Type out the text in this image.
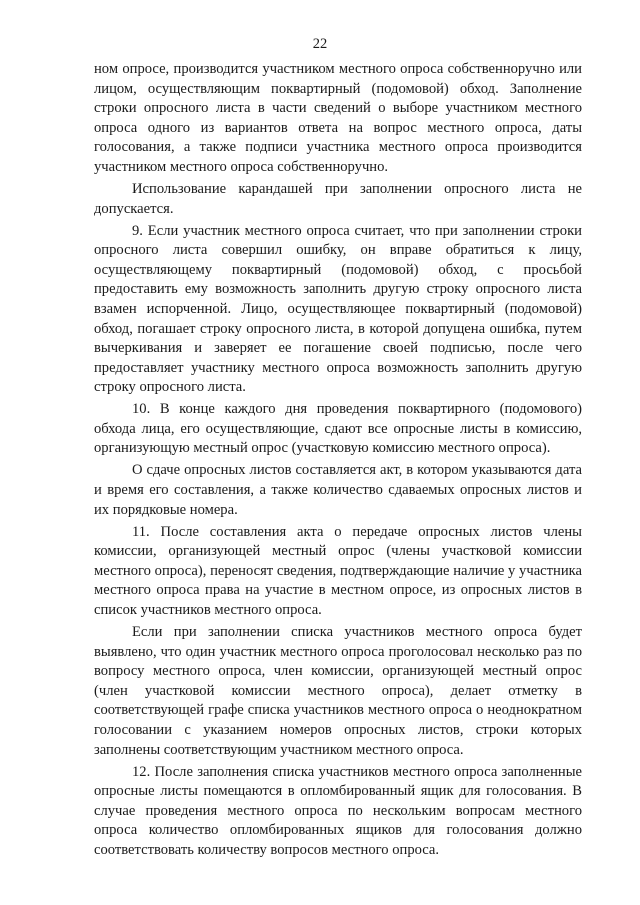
22

ном опросе, производится участником местного опроса собственноручно или лицом, осуществляющим поквартирный (подомовой) обход. Заполнение строки опросного листа в части сведений о выборе участником местного опроса одного из вариантов ответа на вопрос местного опроса, даты голосования, а также подписи участника местного опроса производится участником местного опроса собственноручно.

Использование карандашей при заполнении опросного листа не допускается.

9. Если участник местного опроса считает, что при заполнении строки опросного листа совершил ошибку, он вправе обратиться к лицу, осуществляющему поквартирный (подомовой) обход, с просьбой предоставить ему возможность заполнить другую строку опросного листа взамен испорченной. Лицо, осуществляющее поквартирный (подомовой) обход, погашает строку опросного листа, в которой допущена ошибка, путем вычеркивания и заверяет ее погашение своей подписью, после чего предоставляет участнику местного опроса возможность заполнить другую строку опросного листа.

10. В конце каждого дня проведения поквартирного (подомового) обхода лица, его осуществляющие, сдают все опросные листы в комиссию, организующую местный опрос (участковую комиссию местного опроса).

О сдаче опросных листов составляется акт, в котором указываются дата и время его составления, а также количество сдаваемых опросных листов и их порядковые номера.

11. После составления акта о передаче опросных листов члены комиссии, организующей местный опрос (члены участковой комиссии местного опроса), переносят сведения, подтверждающие наличие у участника местного опроса права на участие в местном опросе, из опросных листов в список участников местного опроса.

Если при заполнении списка участников местного опроса будет выявлено, что один участник местного опроса проголосовал несколько раз по вопросу местного опроса, член комиссии, организующей местный опрос (член участковой комиссии местного опроса), делает отметку в соответствующей графе списка участников местного опроса о неоднократном голосовании с указанием номеров опросных листов, строки которых заполнены соответствующим участником местного опроса.

12. После заполнения списка участников местного опроса заполненные опросные листы помещаются в опломбированный ящик для голосования. В случае проведения местного опроса по нескольким вопросам местного опроса количество опломбированных ящиков для голосования должно соответствовать количеству вопросов местного опроса.
